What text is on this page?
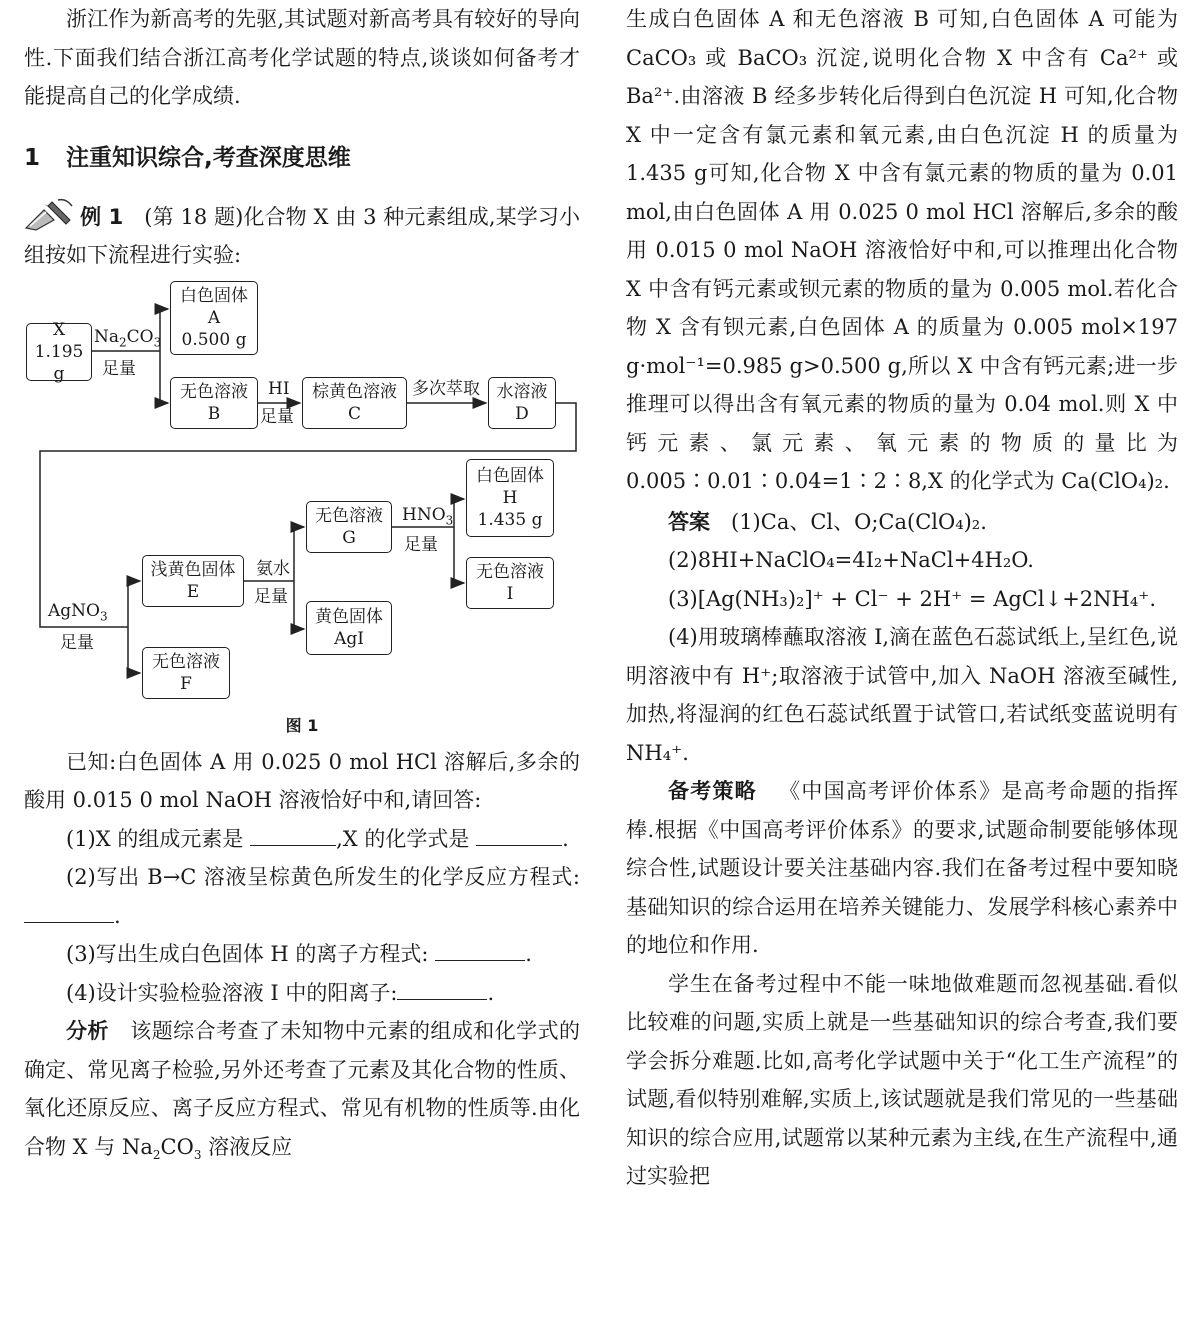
浙江作为新高考的先驱,其试题对新高考具有较好的导向性.下面我们结合浙江高考化学试题的特点,谈谈如何备考才能提高自己的化学成绩.

1 注重知识综合,考查深度思维

例 1  (第 18 题)化合物 X 由 3 种元素组成,某学习小组按如下流程进行实验:

X
1.195 g
白色固体
A
0.500 g
无色溶液
B
棕黄色溶液
C
水溶液
D
浅黄色固体
E
无色溶液
F
无色溶液
G
黄色固体
AgI
白色固体
H
1.435 g
无色溶液
I
$Na_2CO_3$
足量
HI
足量
多次萃取
AgNO$_3$
足量
氨水
足量
$HNO_3$
足量
图 1

已知:白色固体 A 用 0.025 0 mol HCl 溶解后,多余的酸用 0.015 0 mol NaOH 溶液恰好中和,请回答:

(1)X 的组成元素是	,X 的化学式是	.

(2)写出 B→C 溶液呈棕黄色所发生的化学反应方程式:.

(3)写出生成白色固体 H 的离子方程式:	.

(4)设计实验检验溶液 I 中的阳离子:	.

分析  该题综合考查了未知物中元素的组成和化学式的确定、常见离子检验,另外还考查了元素及其化合物的性质、氧化还原反应、离子反应方程式、常见有机物的性质等.由化合物 X 与 $Na_2CO_3$ 溶液反应

生成白色固体 A 和无色溶液 B 可知,白色固体 A 可能为 CaCO₃ 或 BaCO₃ 沉淀,说明化合物 X 中含有 Ca²⁺ 或 Ba²⁺.由溶液 B 经多步转化后得到白色沉淀 H 可知,化合物 X 中一定含有氯元素和氧元素,由白色沉淀 H 的质量为1.435 g可知,化合物 X 中含有氯元素的物质的量为 0.01 mol,由白色固体 A 用 0.025 0 mol HCl 溶解后,多余的酸用 0.015 0 mol NaOH 溶液恰好中和,可以推理出化合物 X 中含有钙元素或钡元素的物质的量为 0.005 mol.若化合物 X 含有钡元素,白色固体 A 的质量为 0.005 mol×197 g·mol⁻¹=0.985 g>0.500 g,所以 X 中含有钙元素;进一步推理可以得出含有氧元素的物质的量为 0.04 mol.则 X 中钙元素、氯元素、氧元素的物质的量比为 0.005∶0.01∶0.04=1∶2∶8,X 的化学式为 Ca(ClO₄)₂.

答案  (1)Ca、Cl、O;Ca(ClO₄)₂.

(2)8HI+NaClO₄=4I₂+NaCl+4H₂O.

(3)[Ag(NH₃)₂]⁺ + Cl⁻ + 2H⁺ = AgCl↓+2NH₄⁺.

(4)用玻璃棒蘸取溶液 I,滴在蓝色石蕊试纸上,呈红色,说明溶液中有 H⁺;取溶液于试管中,加入 NaOH 溶液至碱性,加热,将湿润的红色石蕊试纸置于试管口,若试纸变蓝说明有 NH₄⁺.

备考策略  《中国高考评价体系》是高考命题的指挥棒.根据《中国高考评价体系》的要求,试题命制要能够体现综合性,试题设计要关注基础内容.我们在备考过程中要知晓基础知识的综合运用在培养关键能力、发展学科核心素养中的地位和作用.

学生在备考过程中不能一味地做难题而忽视基础.看似比较难的问题,实质上就是一些基础知识的综合考查,我们要学会拆分难题.比如,高考化学试题中关于“化工生产流程”的试题,看似特别难解,实质上,该试题就是我们常见的一些基础知识的综合应用,试题常以某种元素为主线,在生产流程中,通过实验把
